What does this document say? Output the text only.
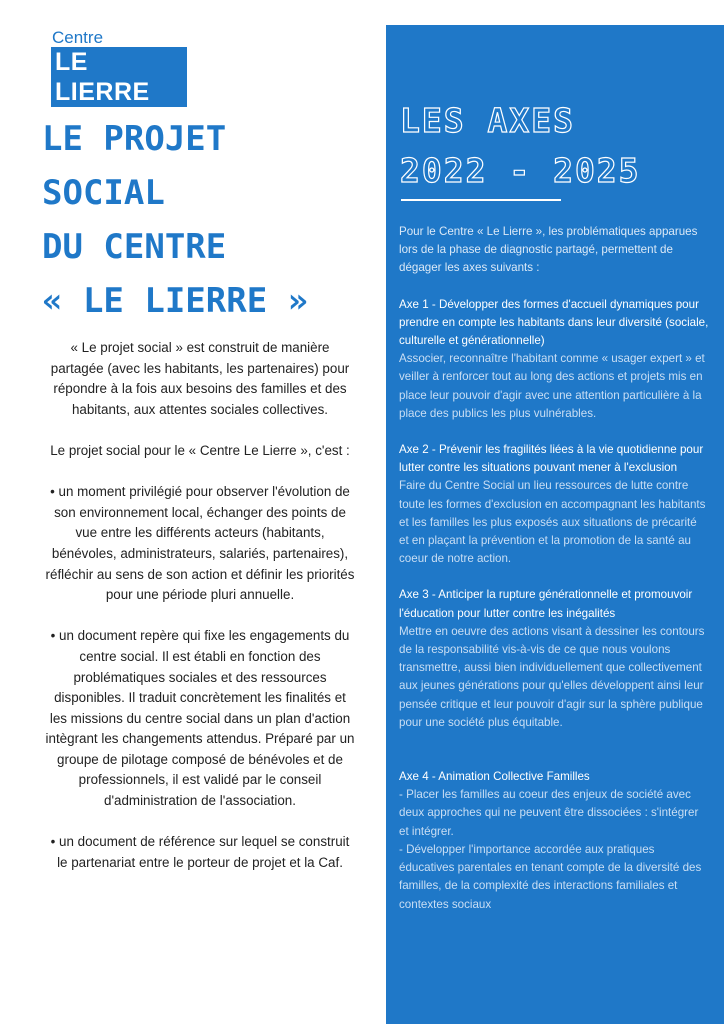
Centre
LE LIERRE
LE PROJET
SOCIAL
DU CENTRE
« LE LIERRE »

« Le projet social » est construit de manière partagée (avec les habitants, les partenaires) pour répondre à la fois aux besoins des familles et des habitants, aux attentes sociales collectives.

Le projet social pour le « Centre Le Lierre », c'est :

• un moment privilégié pour observer l'évolution de son environnement local, échanger des points de vue entre les différents acteurs (habitants, bénévoles, administrateurs, salariés, partenaires), réfléchir au sens de son action et définir les priorités pour une période pluri annuelle.

• un document repère qui fixe les engagements du centre social. Il est établi en fonction des problématiques sociales et des ressources disponibles. Il traduit concrètement les finalités et les missions du centre social dans un plan d'action intègrant les changements attendus. Préparé par un groupe de pilotage composé de bénévoles et de professionnels, il est validé par le conseil d'administration de l'association.

• un document de référence sur lequel se construit le partenariat entre le porteur de projet et la Caf.

LES AXES
2022 - 2025

Pour le Centre « Le Lierre », les problématiques apparues lors de la phase de diagnostic partagé, permettent de dégager les axes suivants :

Axe 1 - Développer des formes d'accueil dynamiques pour prendre en compte les habitants dans leur diversité (sociale, culturelle et générationnelle)
Associer, reconnaître l'habitant comme « usager expert » et veiller à renforcer tout au long des actions et projets mis en place leur pouvoir d'agir avec une attention particulière à la place des publics les plus vulnérables.

Axe 2 - Prévenir les fragilités liées à la vie quotidienne pour lutter contre les situations pouvant mener à l'exclusion
Faire du Centre Social un lieu ressources de lutte contre toute les formes d'exclusion en accompagnant les habitants et les familles les plus exposés aux situations de précarité et en plaçant la prévention et la promotion de la santé au coeur de notre action.

Axe 3 - Anticiper la rupture générationnelle et promouvoir l'éducation pour lutter contre les inégalités
Mettre en oeuvre des actions visant à dessiner les contours de la responsabilité vis-à-vis de ce que nous voulons transmettre, aussi bien individuellement que collectivement aux jeunes générations pour qu'elles développent ainsi leur pensée critique et leur pouvoir d'agir sur la sphère publique pour une société plus équitable.

Axe 4 - Animation Collective Familles
- Placer les familles au coeur des enjeux de société avec deux approches qui ne peuvent être dissociées : s'intégrer et intégrer.
- Développer l'importance accordée aux pratiques éducatives parentales en tenant compte de la diversité des familles, de la complexité des interactions familiales et contextes sociaux
